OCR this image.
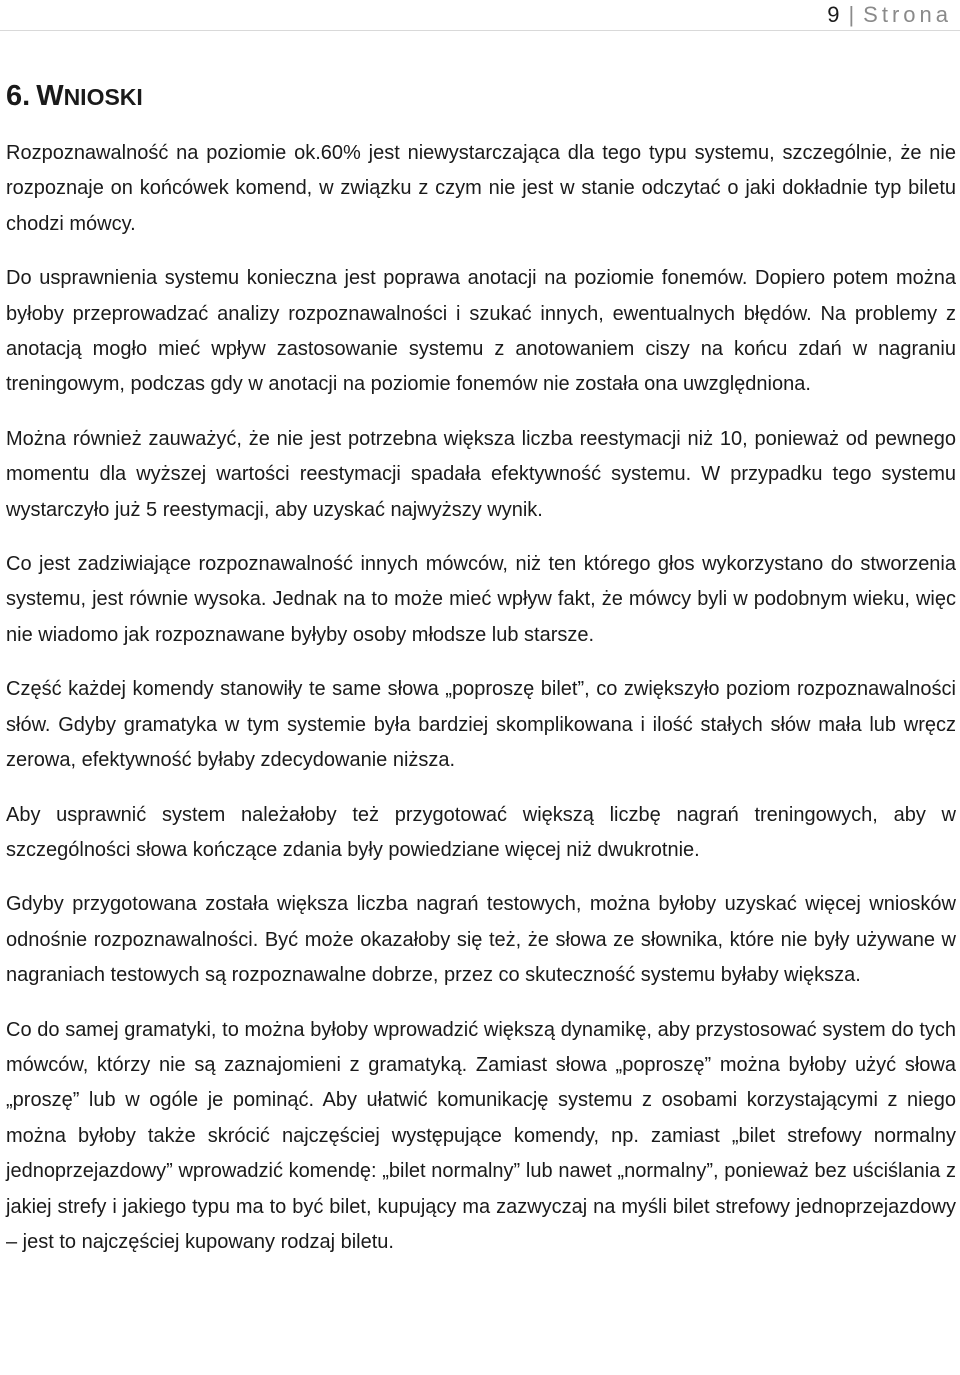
9 | Strona
6. WNIOSKI

Rozpoznawalność na poziomie ok.60% jest niewystarczająca dla tego typu systemu, szczególnie, że nie rozpoznaje on końcówek komend, w związku z czym nie jest w stanie odczytać o jaki dokładnie typ biletu chodzi mówcy.

Do usprawnienia systemu konieczna jest poprawa anotacji na poziomie fonemów. Dopiero potem można byłoby przeprowadzać analizy rozpoznawalności i szukać innych, ewentualnych błędów. Na problemy z anotacją mogło mieć wpływ zastosowanie systemu z anotowaniem ciszy na końcu zdań w nagraniu treningowym, podczas gdy w anotacji na poziomie fonemów nie została ona uwzględniona.

Można również zauważyć, że nie jest potrzebna większa liczba reestymacji niż 10, ponieważ od pewnego momentu dla wyższej wartości reestymacji spadała efektywność systemu. W przypadku tego systemu wystarczyło już 5 reestymacji, aby uzyskać najwyższy wynik.

Co jest zadziwiające rozpoznawalność innych mówców, niż ten którego głos wykorzystano do stworzenia systemu, jest równie wysoka. Jednak na to może mieć wpływ fakt, że mówcy byli w podobnym wieku, więc nie wiadomo jak rozpoznawane byłyby osoby młodsze lub starsze.

Część każdej komendy stanowiły te same słowa „poproszę bilet”, co zwiększyło poziom rozpoznawalności słów. Gdyby gramatyka w tym systemie była bardziej skomplikowana i ilość stałych słów mała lub wręcz zerowa, efektywność byłaby zdecydowanie niższa.

Aby usprawnić system należałoby też przygotować większą liczbę nagrań treningowych, aby w szczególności słowa kończące zdania były powiedziane więcej niż dwukrotnie.

Gdyby przygotowana została większa liczba nagrań testowych, można byłoby uzyskać więcej wniosków odnośnie rozpoznawalności. Być może okazałoby się też, że słowa ze słownika, które nie były używane w nagraniach testowych są rozpoznawalne dobrze, przez co skuteczność systemu byłaby większa.

Co do samej gramatyki, to można byłoby wprowadzić większą dynamikę, aby przystosować system do tych mówców, którzy nie są zaznajomieni z gramatyką. Zamiast słowa „poproszę” można byłoby użyć słowa „proszę” lub w ogóle je pominąć. Aby ułatwić komunikację systemu z osobami korzystającymi z niego można byłoby także skrócić najczęściej występujące komendy, np. zamiast „bilet strefowy normalny jednoprzejazdowy” wprowadzić komendę: „bilet normalny” lub nawet „normalny”, ponieważ bez uściślania z jakiej strefy i jakiego typu ma to być bilet, kupujący ma zazwyczaj na myśli bilet strefowy jednoprzejazdowy – jest to najczęściej kupowany rodzaj biletu.
